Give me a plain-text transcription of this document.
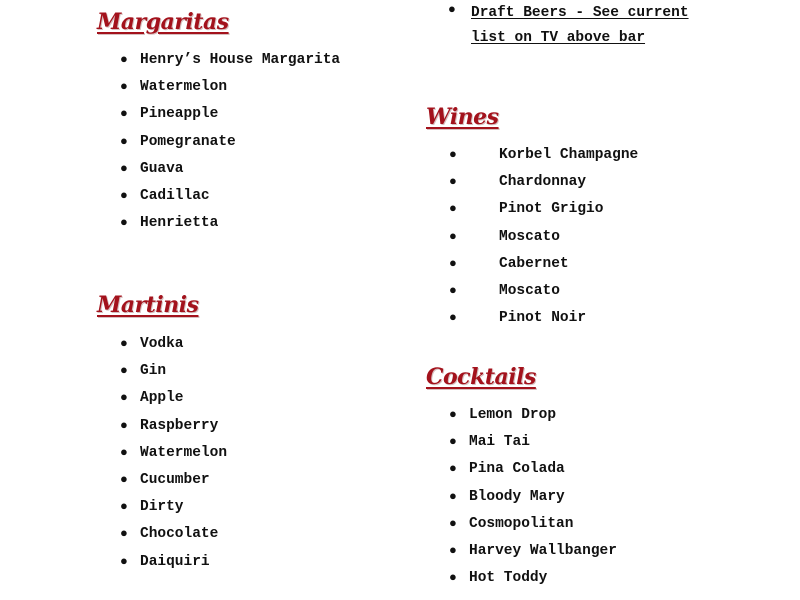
Margaritas
● Henry’s House Margarita
● Watermelon
● Pineapple
● Pomegranate
● Guava
● Cadillac
● Henrietta
Martinis
● Vodka
● Gin
● Apple
● Raspberry
● Watermelon
● Cucumber
● Dirty
● Chocolate
● Daiquiri
● Draft Beers - See current list on TV above bar
Wines
●	Korbel Champagne
●	Chardonnay
●	Pinot Grigio
●	Moscato
●	Cabernet
●	Moscato
●	Pinot Noir
Cocktails
● Lemon Drop
● Mai Tai
● Pina Colada
● Bloody Mary
● Cosmopolitan
● Harvey Wallbanger
● Hot Toddy
